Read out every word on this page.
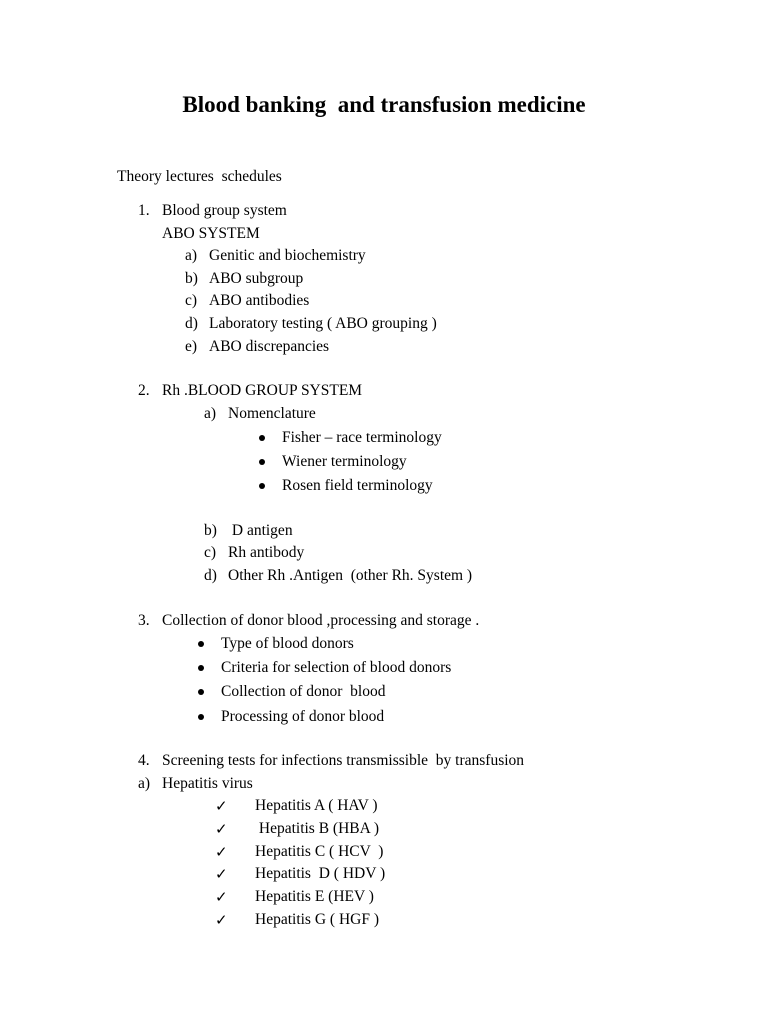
Blood banking  and transfusion medicine
Theory lectures  schedules
1. Blood group system
ABO SYSTEM
a) Genitic and biochemistry
b) ABO subgroup
c) ABO antibodies
d) Laboratory testing ( ABO grouping )
e) ABO discrepancies
2. Rh .BLOOD GROUP SYSTEM
a) Nomenclature
Fisher – race terminology
Wiener terminology
Rosen field terminology
b) D antigen
c) Rh antibody
d) Other Rh .Antigen  (other Rh. System )
3. Collection of donor blood ,processing and storage .
Type of blood donors
Criteria for selection of blood donors
Collection of donor  blood
Processing of donor blood
4. Screening tests for infections transmissible  by transfusion
a) Hepatitis virus
✓ Hepatitis A ( HAV )
✓ Hepatitis B (HBA )
✓ Hepatitis C ( HCV  )
✓ Hepatitis  D ( HDV )
✓ Hepatitis E (HEV )
✓ Hepatitis G ( HGF )
